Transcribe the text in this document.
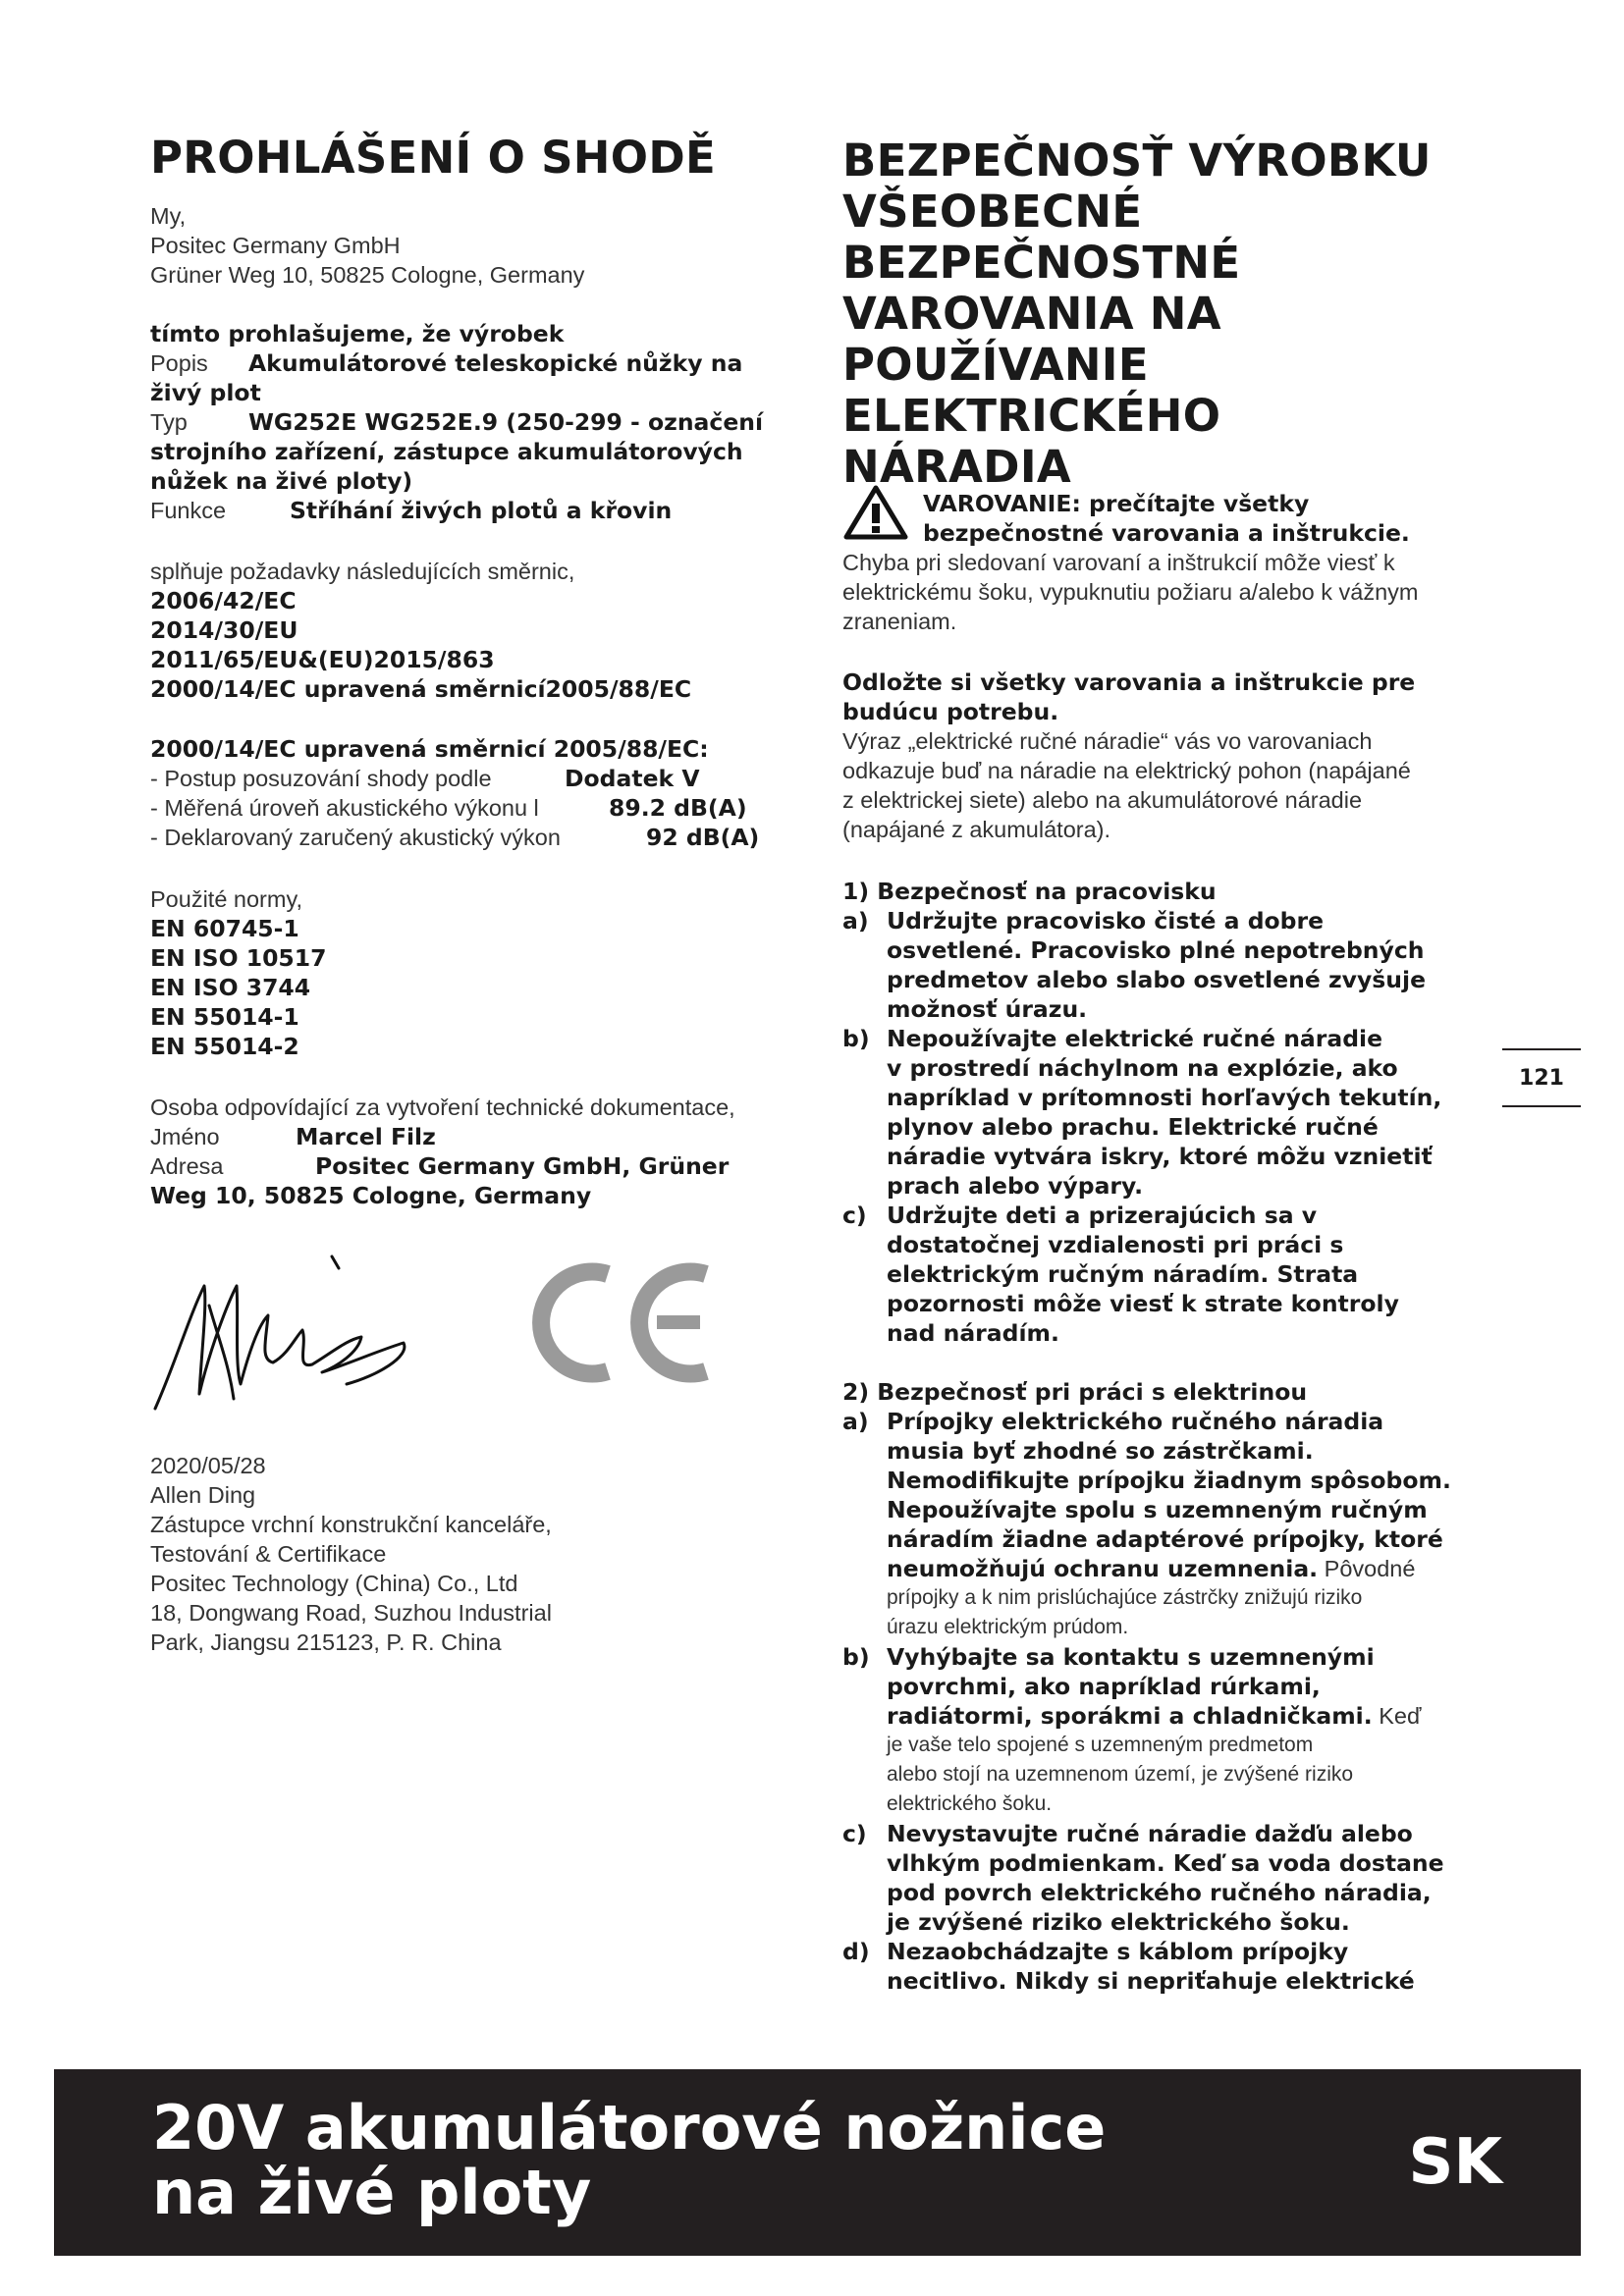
PROHLÁŠENÍ O SHODĚ
My,
Positec Germany GmbH
Grüner Weg 10, 50825 Cologne, Germany
tímto prohlašujeme, že výrobek
Popis Akumulátorové teleskopické nůžky na
živý plot
Typ	WG252E WG252E.9 (250-299 - označení
strojního zařízení, zástupce akumulátorových
nůžek na živé ploty)
Funkce	Stříhání živých plotů a křovin
splňuje požadavky následujících směrnic,
2006/42/EC
2014/30/EU
2011/65/EU&(EU)2015/863
2000/14/EC upravená směrnicí2005/88/EC
2000/14/EC upravená směrnicí 2005/88/EC:
- Postup posuzování shody podle	Dodatek V
- Měřená úroveň akustického výkonu l	89.2 dB(A)
- Deklarovaný zaručený akustický výkon	92 dB(A)
Použité normy,
EN 60745-1
EN ISO 10517
EN ISO 3744
EN 55014-1
EN 55014-2
Osoba odpovídající za vytvoření technické dokumentace,
Jméno	Marcel Filz
Adresa	Positec Germany GmbH, Grüner
Weg 10, 50825 Cologne, Germany
2020/05/28
Allen Ding
Zástupce vrchní konstrukční kanceláře,
Testování & Certifikace
Positec Technology (China) Co., Ltd
18, Dongwang Road, Suzhou Industrial
Park, Jiangsu 215123, P. R. China
BEZPEČNOSŤ VÝROBKU
VŠEOBECNÉ
BEZPEČNOSTNÉ
VAROVANIA NA
POUŽÍVANIE
ELEKTRICKÉHO
NÁRADIA
VAROVANIE: prečítajte všetky
bezpečnostné varovania a inštrukcie.
Chyba pri sledovaní varovaní a inštrukcií môže viesť k
elektrickému šoku, vypuknutiu požiaru a/alebo k vážnym
zraneniam.
Odložte si všetky varovania a inštrukcie pre
budúcu potrebu.
Výraz „elektrické ručné náradie“ vás vo varovaniach
odkazuje buď na náradie na elektrický pohon (napájané
z elektrickej siete) alebo na akumulátorové náradie
(napájané z akumulátora).
1) Bezpečnosť na pracovisku
a) Udržujte pracovisko čisté a dobre
osvetlené. Pracovisko plné nepotrebných
predmetov alebo slabo osvetlené zvyšuje
možnosť úrazu.
b) Nepoužívajte elektrické ručné náradie
v prostredí náchylnom na explózie, ako
napríklad v prítomnosti horľavých tekutín,
plynov alebo prachu. Elektrické ručné
náradie vytvára iskry, ktoré môžu vznietiť
prach alebo výpary.
c) Udržujte deti a prizerajúcich sa v
dostatočnej vzdialenosti pri práci s
elektrickým ručným náradím. Strata
pozornosti môže viesť k strate kontroly
nad náradím.
2) Bezpečnosť pri práci s elektrinou
a) Prípojky elektrického ručného náradia
musia byť zhodné so zástrčkami.
Nemodifikujte prípojku žiadnym spôsobom.
Nepoužívajte spolu s uzemneným ručným
náradím žiadne adaptérové prípojky, ktoré
neumožňujú ochranu uzemnenia. Pôvodné
prípojky a k nim prislúchajúce zástrčky znižujú riziko
úrazu elektrickým prúdom.
b) Vyhýbajte sa kontaktu s uzemnenými
povrchmi, ako napríklad rúrkami,
radiátormi, sporákmi a chladničkami. Keď
je vaše telo spojené s uzemneným predmetom
alebo stojí na uzemnenom území, je zvýšené riziko
elektrického šoku.
c) Nevystavujte ručné náradie dažďu alebo
vlhkým podmienkam. Keď sa voda dostane
pod povrch elektrického ručného náradia,
je zvýšené riziko elektrického šoku.
d) Nezaobchádzajte s káblom prípojky
necitlivo. Nikdy si nepriťahuje elektrické
121
20V akumulátorové nožnice
na živé ploty	SK
